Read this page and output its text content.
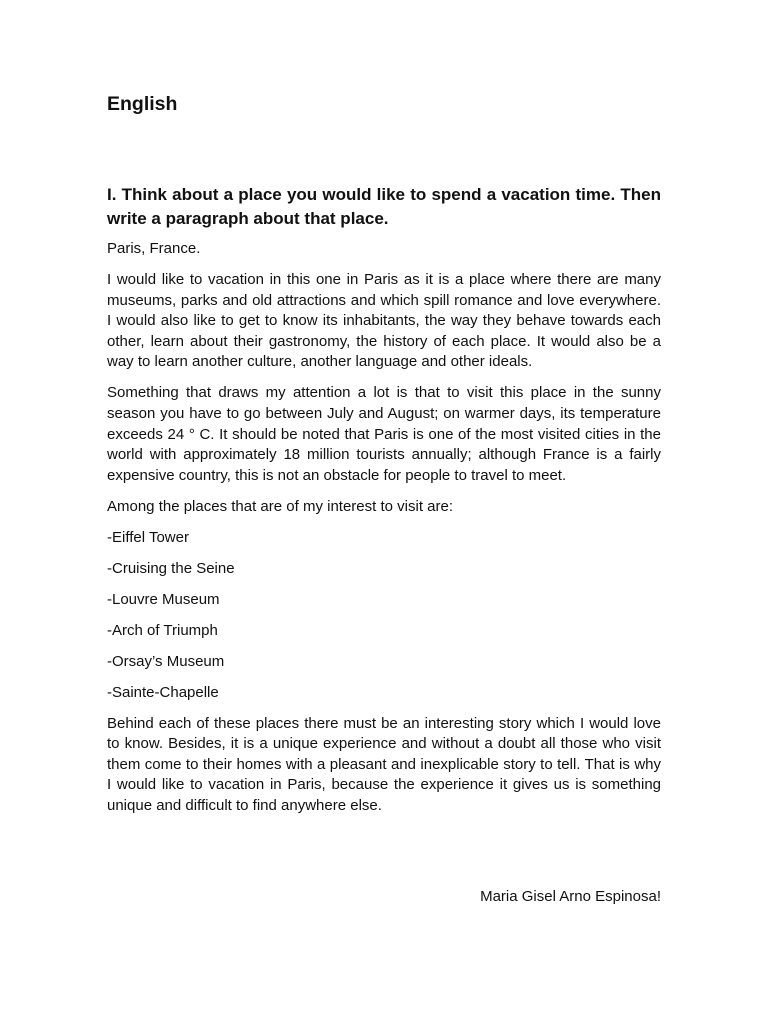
English

I. Think about a place you would like to spend a vacation time. Then write a paragraph about that place.

Paris, France.

I would like to vacation in this one in Paris as it is a place where there are many museums, parks and old attractions and which spill romance and love everywhere. I would also like to get to know its inhabitants, the way they behave towards each other, learn about their gastronomy, the history of each place. It would also be a way to learn another culture, another language and other ideals.

Something that draws my attention a lot is that to visit this place in the sunny season you have to go between July and August; on warmer days, its temperature exceeds 24 ° C. It should be noted that Paris is one of the most visited cities in the world with approximately 18 million tourists annually; although France is a fairly expensive country, this is not an obstacle for people to travel to meet.

Among the places that are of my interest to visit are:

-Eiffel Tower

-Cruising the Seine

-Louvre Museum

-Arch of Triumph

-Orsay’s Museum

-Sainte-Chapelle

Behind each of these places there must be an interesting story which I would love to know. Besides, it is a unique experience and without a doubt all those who visit them come to their homes with a pleasant and inexplicable story to tell. That is why I would like to vacation in Paris, because the experience it gives us is something unique and difficult to find anywhere else.

Maria Gisel Arno Espinosa!
